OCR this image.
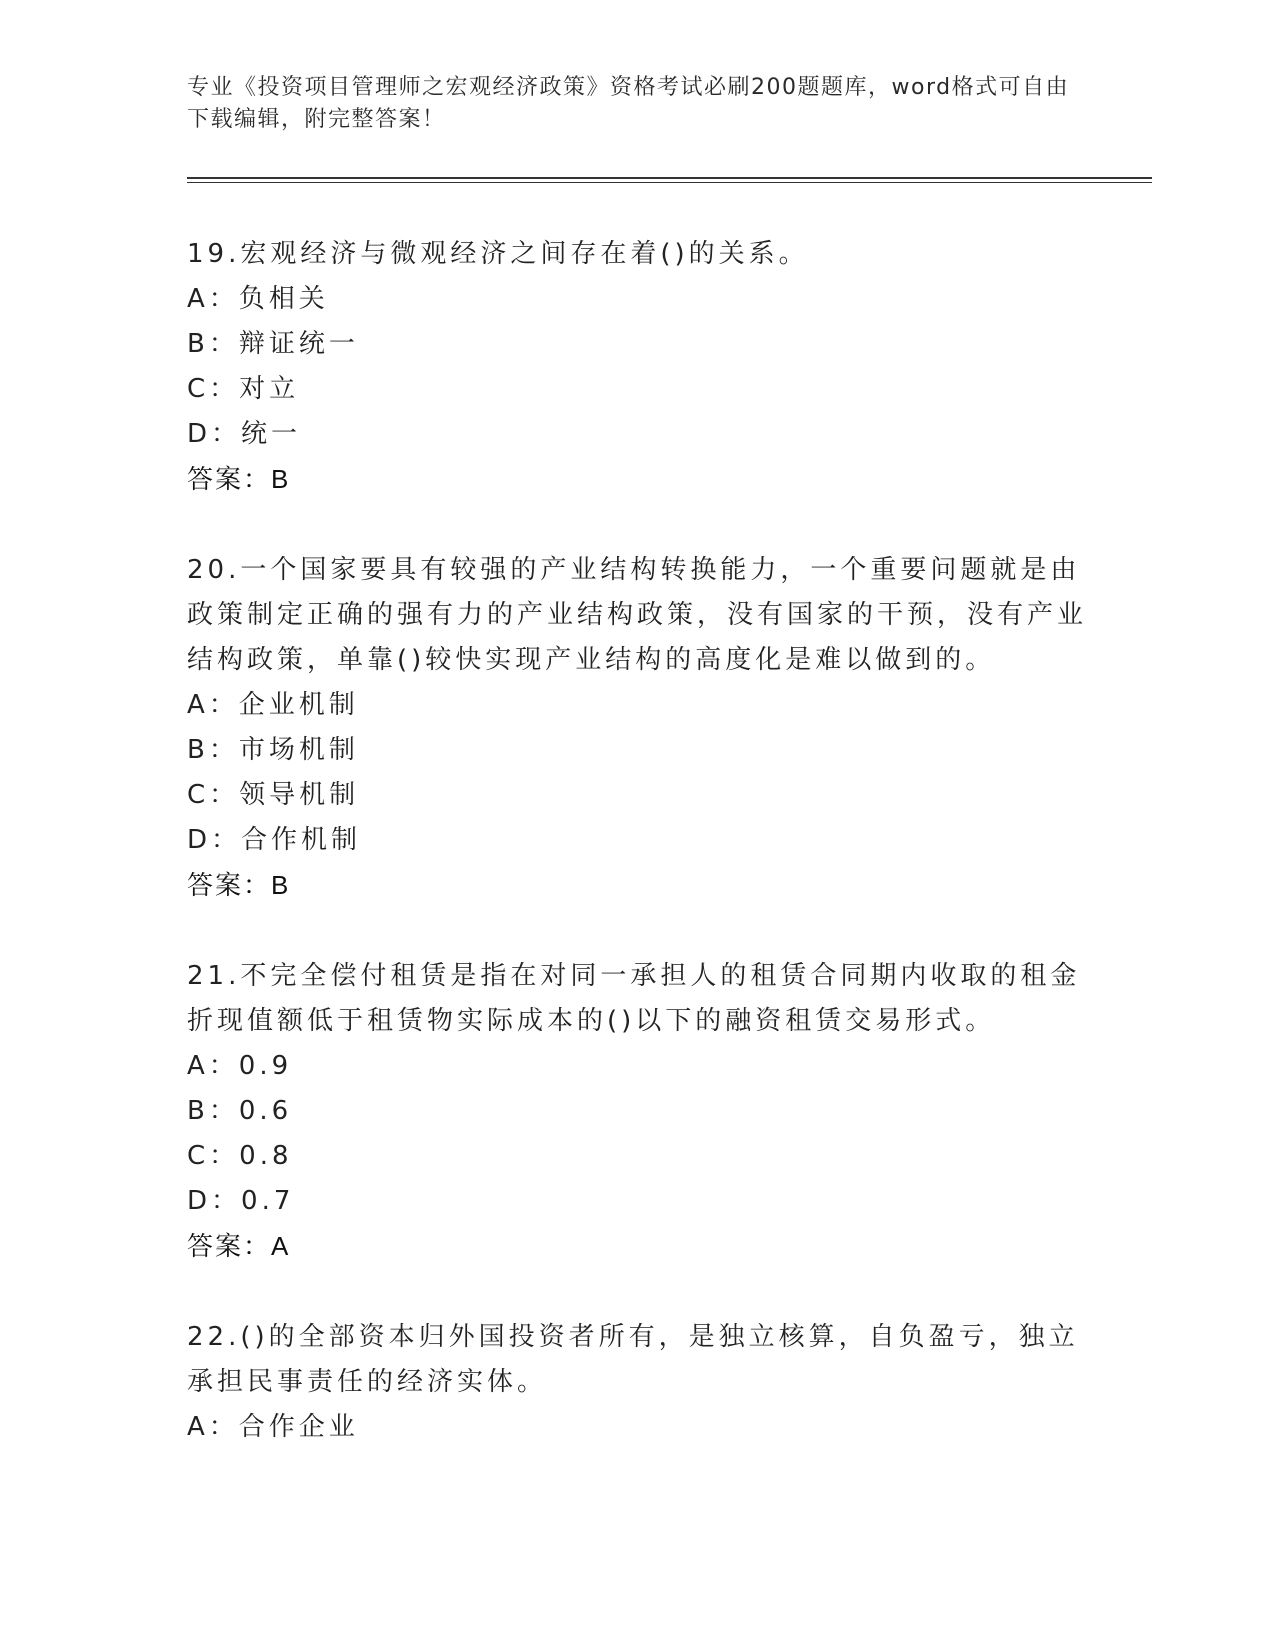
专业《投资项目管理师之宏观经济政策》资格考试必刷200题题库，word格式可自由下载编辑，附完整答案！
19.宏观经济与微观经济之间存在着()的关系。
A：负相关
B：辩证统一
C：对立
D：统一
答案：B
20.一个国家要具有较强的产业结构转换能力，一个重要问题就是由政策制定正确的强有力的产业结构政策，没有国家的干预，没有产业结构政策，单靠()较快实现产业结构的高度化是难以做到的。
A：企业机制
B：市场机制
C：领导机制
D：合作机制
答案：B
21.不完全偿付租赁是指在对同一承担人的租赁合同期内收取的租金折现值额低于租赁物实际成本的()以下的融资租赁交易形式。
A：0.9
B：0.6
C：0.8
D：0.7
答案：A
22.()的全部资本归外国投资者所有，是独立核算，自负盈亏，独立承担民事责任的经济实体。
A：合作企业
